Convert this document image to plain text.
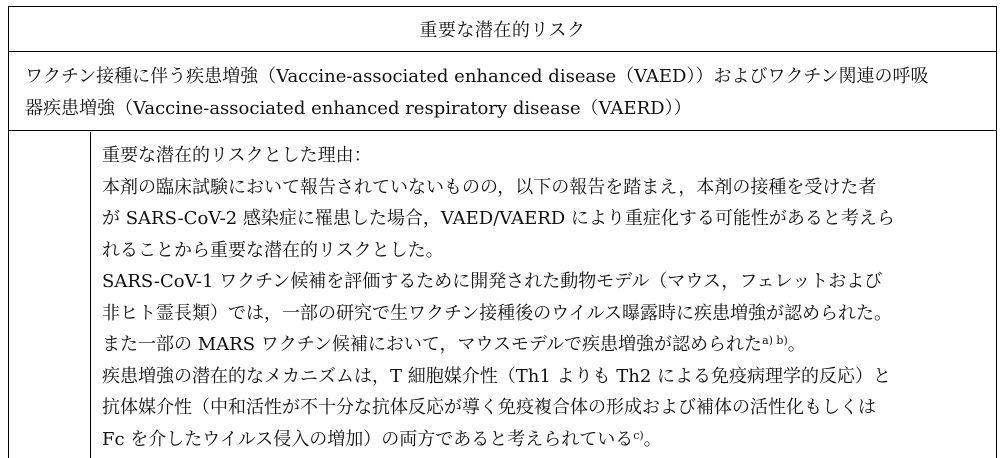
重要な潜在的リスク

ワクチン接種に伴う疾患増強（Vaccine-associated enhanced disease（VAED））およびワクチン関連の呼吸

器疾患増強（Vaccine-associated enhanced respiratory disease（VAERD））

重要な潜在的リスクとした理由：

本剤の臨床試験において報告されていないものの，以下の報告を踏まえ，本剤の接種を受けた者

が SARS-CoV-2 感染症に罹患した場合，VAED/VAERD により重症化する可能性があると考えら

れることから重要な潜在的リスクとした。

SARS-CoV-1 ワクチン候補を評価するために開発された動物モデル（マウス，フェレットおよび

非ヒト霊長類）では，一部の研究で生ワクチン接種後のウイルス曝露時に疾患増強が認められた。

また一部の MARS ワクチン候補において，マウスモデルで疾患増強が認められた$^{a) b)}$。

疾患増強の潜在的なメカニズムは，T 細胞媒介性（Th1 よりも Th2 による免疫病理学的反応）と

抗体媒介性（中和活性が不十分な抗体反応が導く免疫複合体の形成および補体の活性化もしくは

Fc を介したウイルス侵入の増加）の両方であると考えられている$^{c)}$。
